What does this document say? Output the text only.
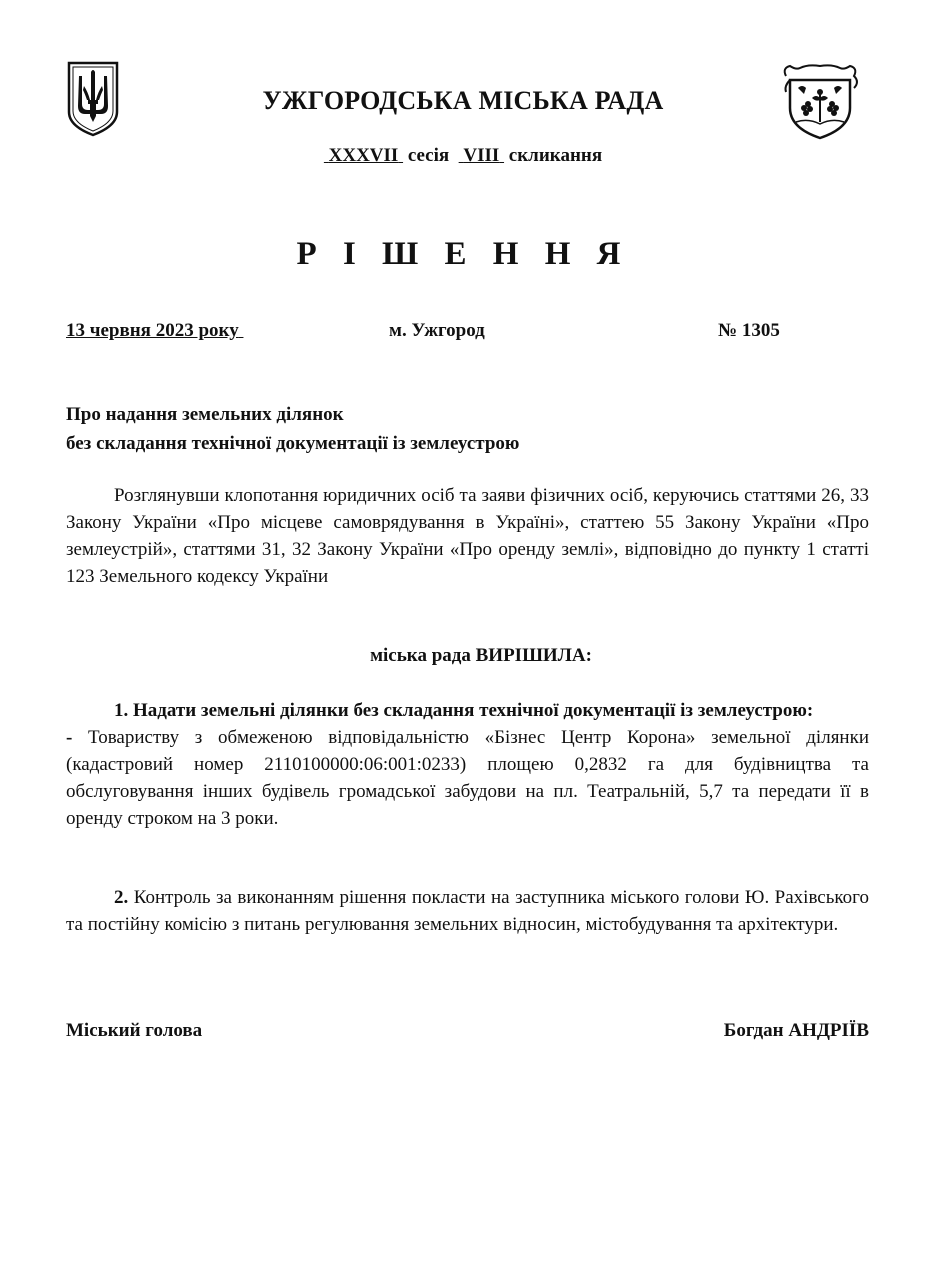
УЖГОРОДСЬКА МІСЬКА РАДА
XXXVII сесія VIII скликання
Р І Ш Е Н Н Я
13 червня 2023 року	м. Ужгород	№ 1305
Про надання земельних ділянок
без складання технічної документації із землеустрою
Розглянувши клопотання юридичних осіб та заяви фізичних осіб, керуючись статтями 26, 33 Закону України «Про місцеве самоврядування в Україні», статтею 55 Закону України «Про землеустрій», статтями 31, 32 Закону України «Про оренду землі», відповідно до пункту 1 статті 123 Земельного кодексу України
міська рада ВИРІШИЛА:
1. Надати земельні ділянки без складання технічної документації із землеустрою:
- Товариству з обмеженою відповідальністю «Бізнес Центр Корона» земельної ділянки (кадастровий номер 2110100000:06:001:0233) площею 0,2832 га для будівництва та обслуговування інших будівель громадської забудови на пл. Театральній, 5,7 та передати її в оренду строком на 3 роки.
2. Контроль за виконанням рішення покласти на заступника міського голови Ю. Рахівського та постійну комісію з питань регулювання земельних відносин, містобудування та архітектури.
Міський голова	Богдан АНДРІЇВ
